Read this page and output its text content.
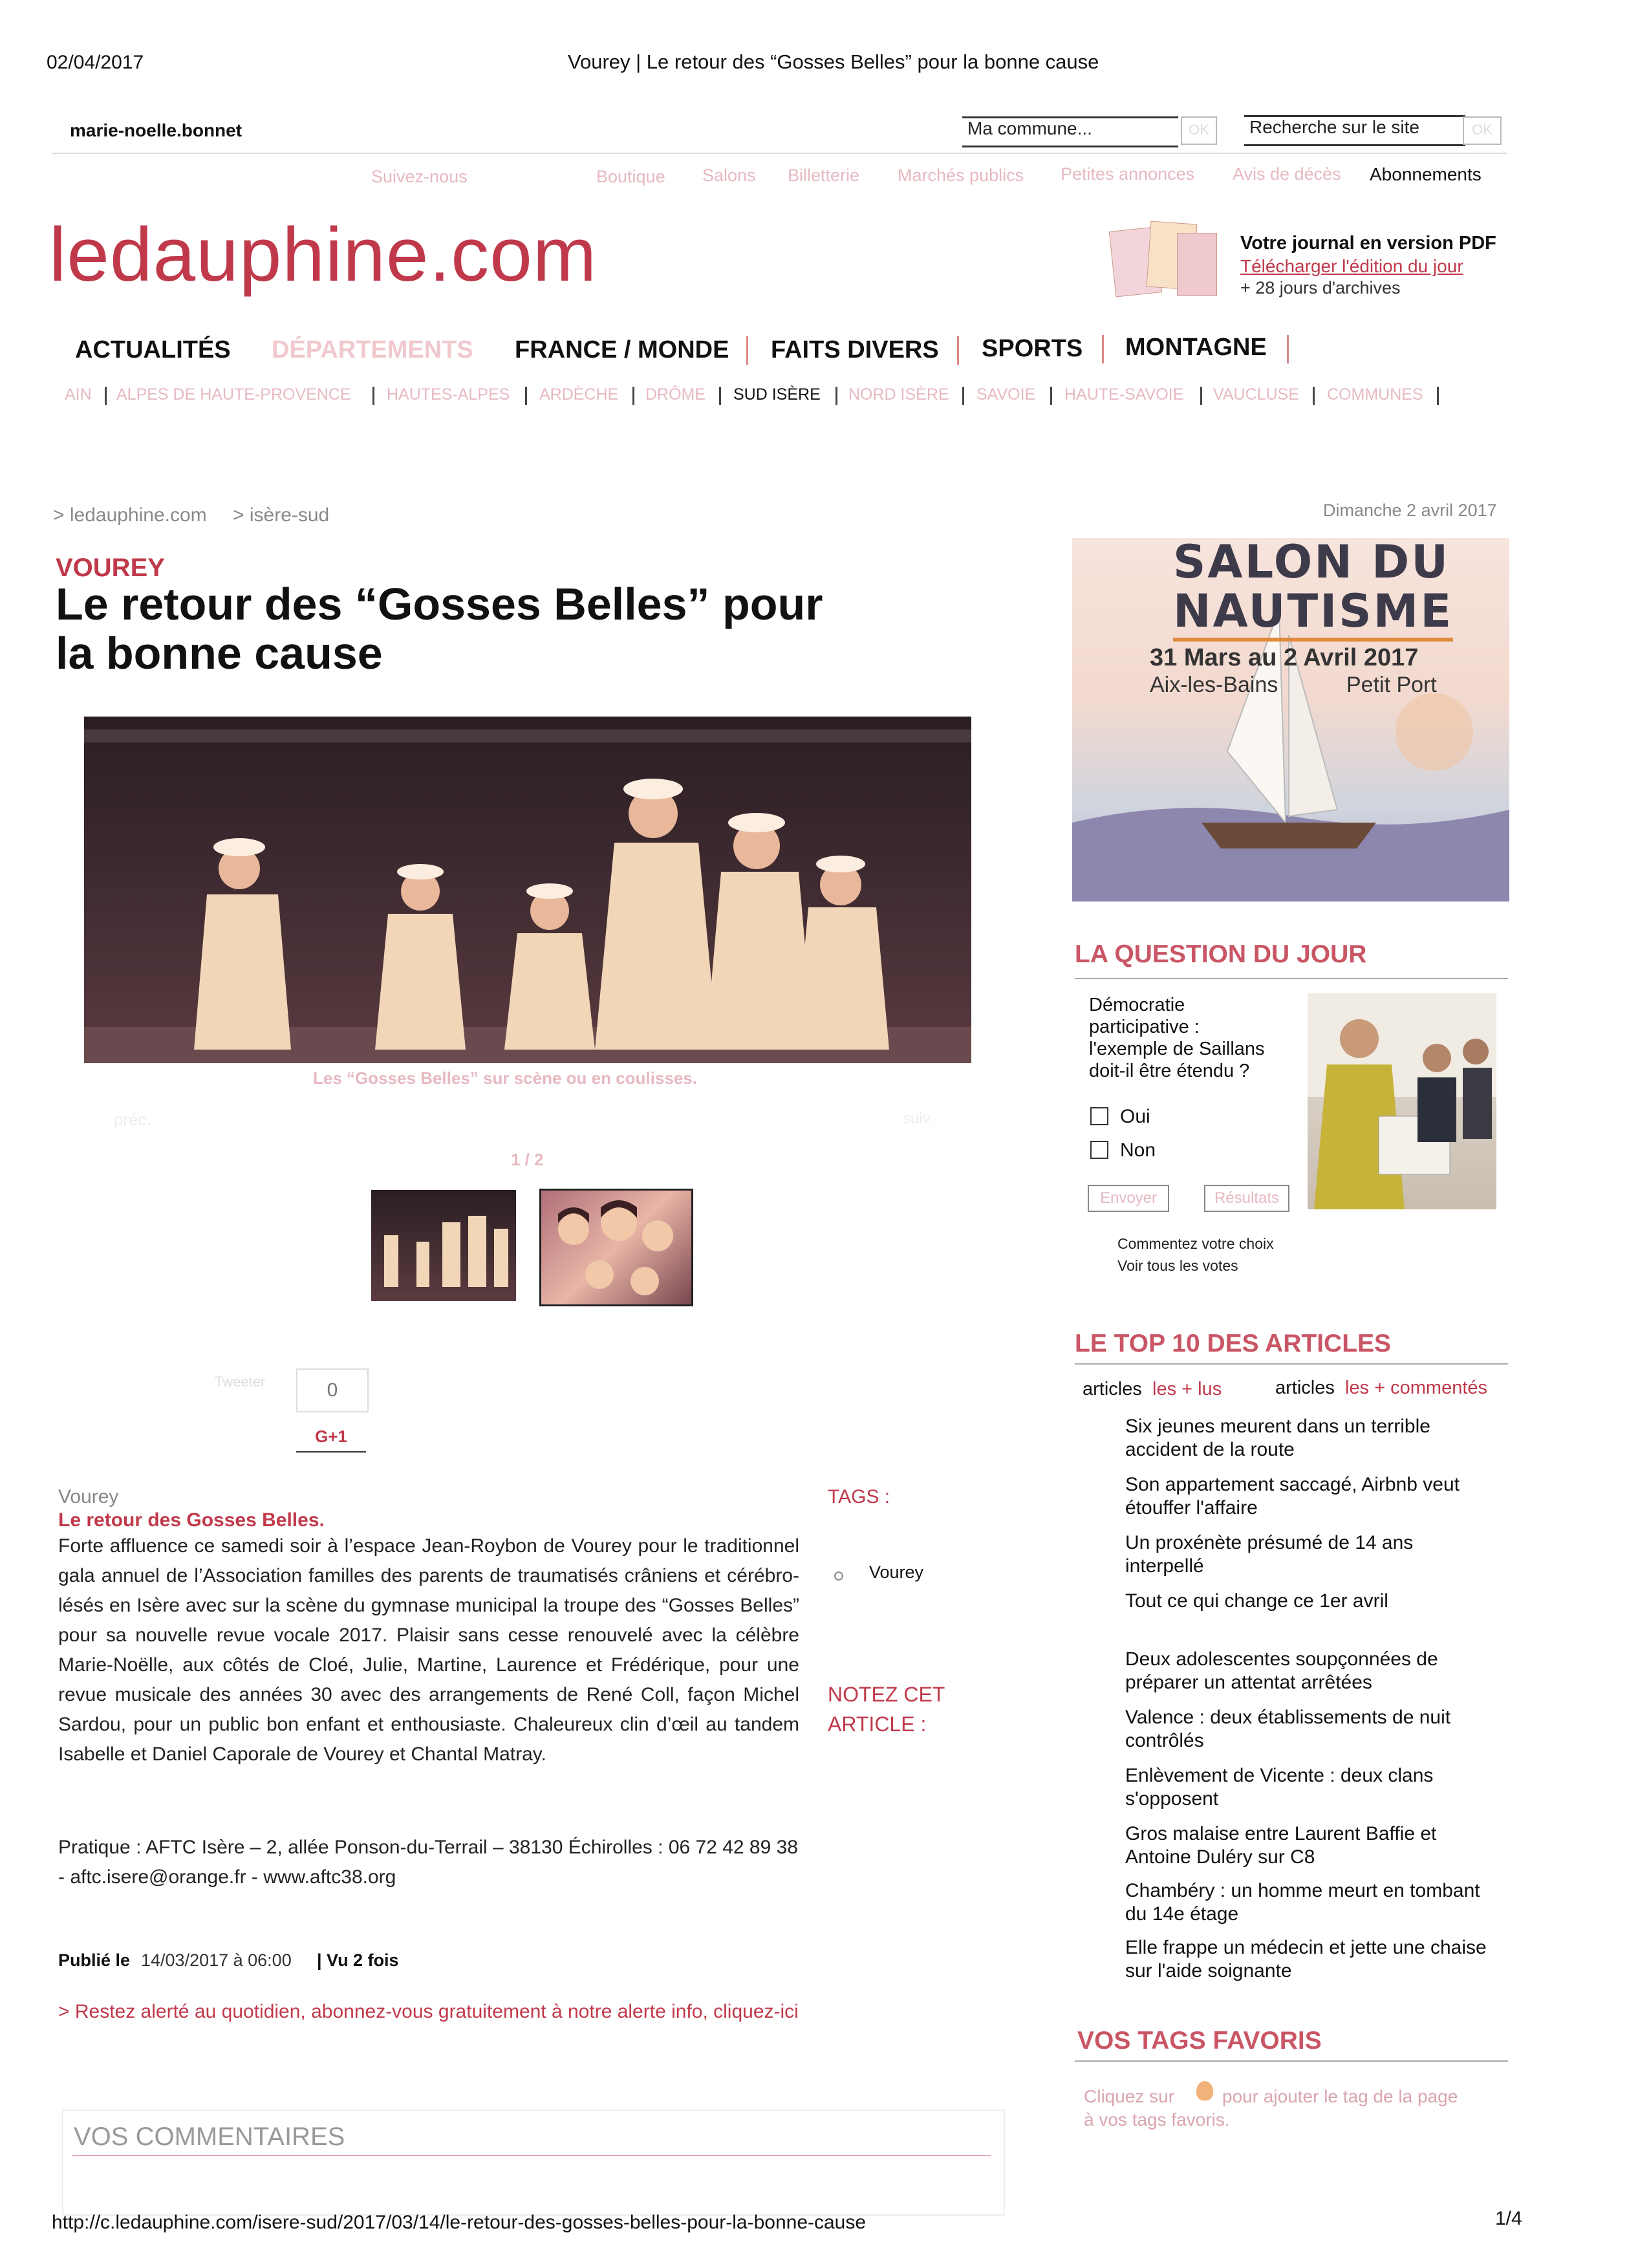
02/04/2017	Vourey | Le retour des “Gosses Belles” pour la bonne cause
marie-noelle.bonnet	Ma commune...	OK	Recherche sur le site	OK
Suivez-nous	Boutique Salons Billetterie Marchés publics Petites annonces Avis de décès Abonnements
ledauphine.com	Votre journal en version PDF
Télécharger l'édition du jour
+ 28 jours d'archives
ACTUALITÉS DÉPARTEMENTS FRANCE / MONDE FAITS DIVERS SPORTS MONTAGNE
AIN ALPES DE HAUTE-PROVENCE HAUTES-ALPES ARDÈCHE DRÔME SUD ISÈRE NORD ISÈRE SAVOIE HAUTE-SAVOIE VAUCLUSE COMMUNES
> ledauphine.com > isère-sud	Dimanche 2 avril 2017
VOUREY
Le retour des “Gosses Belles” pour
la bonne cause
Les “Gosses Belles” sur scène ou en coulisses.
préc.	suiv.
1 / 2
Tweeter	0
G+1
Vourey
Le retour des Gosses Belles.
Forte affluence ce samedi soir à l’espace Jean-Roybon de Vourey pour le traditionnel gala annuel de l’Association familles des parents de traumatisés crâniens et cérébro-lésés en Isère avec sur la scène du gymnase municipal la troupe des “Gosses Belles” pour sa nouvelle revue vocale 2017. Plaisir sans cesse renouvelé avec la célèbre Marie-Noëlle, aux côtés de Cloé, Julie, Martine, Laurence et Frédérique, pour une revue musicale des années 30 avec des arrangements de René Coll, façon Michel Sardou, pour un public bon enfant et enthousiaste. Chaleureux clin d’œil au tandem Isabelle et Daniel Caporale de Vourey et Chantal Matray.
Pratique : AFTC Isère – 2, allée Ponson-du-Terrail – 38130 Échirolles : 06 72 42 89 38 - aftc.isere@orange.fr - www.aftc38.org
Publié le 14/03/2017 à 06:00 | Vu 2 fois
> Restez alerté au quotidien, abonnez-vous gratuitement à notre alerte info, cliquez-ici
TAGS :
Vourey
NOTEZ CET
ARTICLE :
VOS COMMENTAIRES
SALON DU
NAUTISME
31 Mars au 2 Avril 2017
Aix-les-Bains	Petit Port
LA QUESTION DU JOUR
Démocratie
participative :
l'exemple de Saillans
doit-il être étendu ?
Oui
Non
Envoyer	Résultats
Commentez votre choix
Voir tous les votes
LE TOP 10 DES ARTICLES
articles les + lus	articles les + commentés
Six jeunes meurent dans un terrible accident de la route
Son appartement saccagé, Airbnb veut étouffer l'affaire
Un proxénète présumé de 14 ans interpellé
Tout ce qui change ce 1er avril
Deux adolescentes soupçonnées de préparer un attentat arrêtées
Valence : deux établissements de nuit contrôlés
Enlèvement de Vicente : deux clans s'opposent
Gros malaise entre Laurent Baffie et Antoine Duléry sur C8
Chambéry : un homme meurt en tombant du 14e étage
Elle frappe un médecin et jette une chaise sur l'aide soignante
VOS TAGS FAVORIS
Cliquez sur	pour ajouter le tag de la page
à vos tags favoris.
http://c.ledauphine.com/isere-sud/2017/03/14/le-retour-des-gosses-belles-pour-la-bonne-cause	1/4
